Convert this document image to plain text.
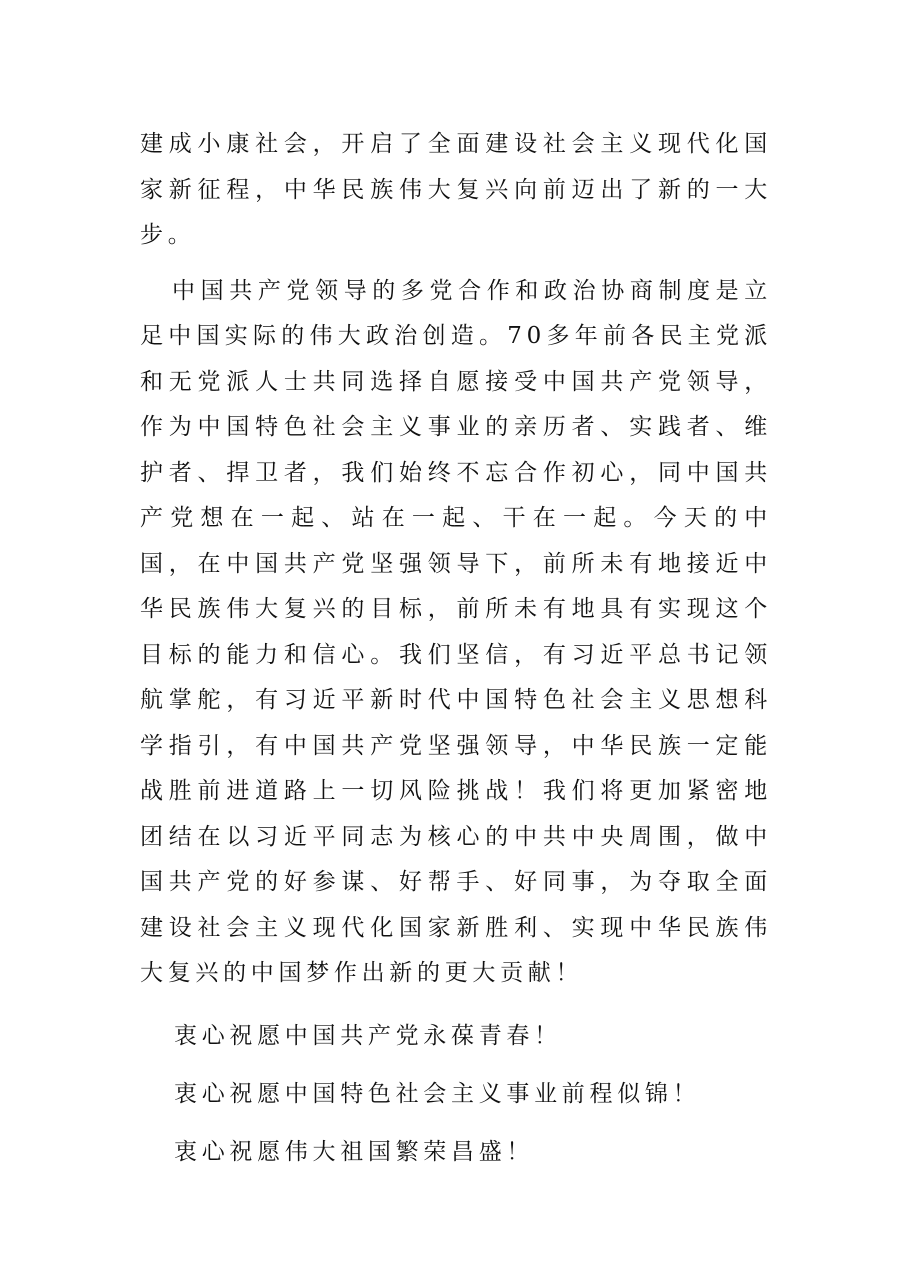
建成小康社会，开启了全面建设社会主义现代化国家新征程，中华民族伟大复兴向前迈出了新的一大步。

中国共产党领导的多党合作和政治协商制度是立足中国实际的伟大政治创造。70多年前各民主党派和无党派人士共同选择自愿接受中国共产党领导，作为中国特色社会主义事业的亲历者、实践者、维护者、捍卫者，我们始终不忘合作初心，同中国共产党想在一起、站在一起、干在一起。今天的中国，在中国共产党坚强领导下，前所未有地接近中华民族伟大复兴的目标，前所未有地具有实现这个目标的能力和信心。我们坚信，有习近平总书记领航掌舵，有习近平新时代中国特色社会主义思想科学指引，有中国共产党坚强领导，中华民族一定能战胜前进道路上一切风险挑战！我们将更加紧密地团结在以习近平同志为核心的中共中央周围，做中国共产党的好参谋、好帮手、好同事，为夺取全面建设社会主义现代化国家新胜利、实现中华民族伟大复兴的中国梦作出新的更大贡献！

衷心祝愿中国共产党永葆青春！

衷心祝愿中国特色社会主义事业前程似锦！

衷心祝愿伟大祖国繁荣昌盛！
